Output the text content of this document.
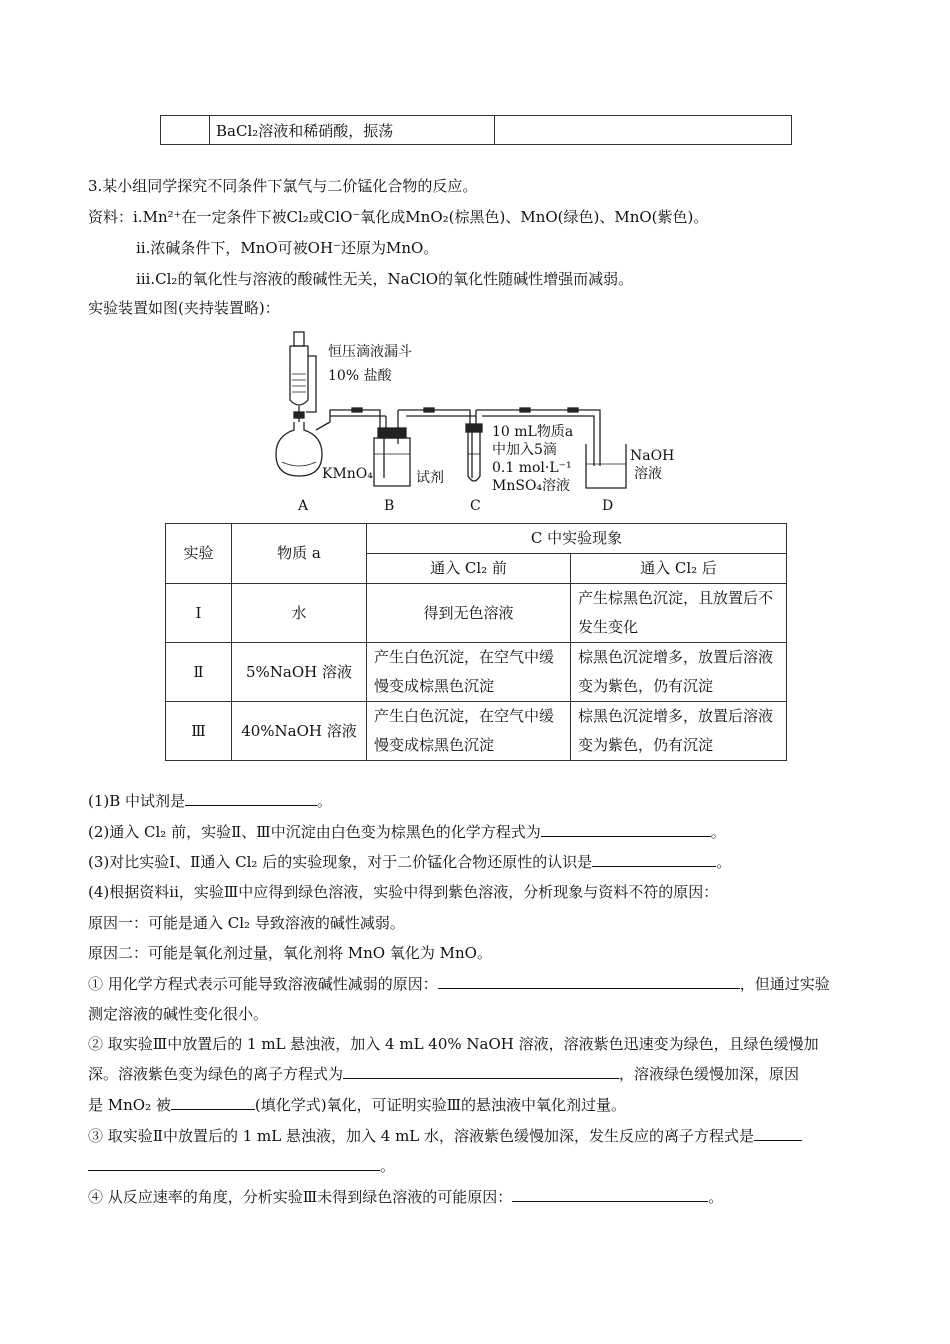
	BaCl₂溶液和稀硝酸，振荡	
3.某小组同学探究不同条件下氯气与二价锰化合物的反应。
资料：ⅰ.Mn²⁺在一定条件下被Cl₂或ClO⁻氧化成MnO₂(棕黑色)、MnO(绿色)、MnO(紫色)。
ⅱ.浓碱条件下，MnO可被OH⁻还原为MnO。
ⅲ.Cl₂的氧化性与溶液的酸碱性无关，NaClO的氧化性随碱性增强而减弱。
实验装置如图(夹持装置略)：
恒压滴液漏斗
10% 盐酸
KMnO₄	试剂
10 mL物质a
中加入5滴
0.1 mol·L⁻¹
MnSO₄溶液
NaOH
溶液
A	B	C	D
实验	物质 a	C 中实验现象	
		通入 Cl₂ 前	通入 Cl₂ 后
Ⅰ	水	得到无色溶液	产生棕黑色沉淀，且放置后不发生变化
Ⅱ	5%NaOH 溶液	产生白色沉淀，在空气中缓慢变成棕黑色沉淀	棕黑色沉淀增多，放置后溶液变为紫色，仍有沉淀
Ⅲ	40%NaOH 溶液	产生白色沉淀，在空气中缓慢变成棕黑色沉淀	棕黑色沉淀增多，放置后溶液变为紫色，仍有沉淀
(1)B 中试剂是	。
(2)通入 Cl₂ 前，实验Ⅱ、Ⅲ中沉淀由白色变为棕黑色的化学方程式为	。
(3)对比实验Ⅰ、Ⅱ通入 Cl₂ 后的实验现象，对于二价锰化合物还原性的认识是	。
(4)根据资料ⅱ，实验Ⅲ中应得到绿色溶液，实验中得到紫色溶液，分析现象与资料不符的原因：
原因一：可能是通入 Cl₂ 导致溶液的碱性减弱。
原因二：可能是氧化剂过量，氧化剂将 MnO 氧化为 MnO。
① 用化学方程式表示可能导致溶液碱性减弱的原因：	，但通过实验
测定溶液的碱性变化很小。
② 取实验Ⅲ中放置后的 1 mL 悬浊液，加入 4 mL 40% NaOH 溶液，溶液紫色迅速变为绿色，且绿色缓慢加
深。溶液紫色变为绿色的离子方程式为	，溶液绿色缓慢加深，原因
是 MnO₂ 被	(填化学式)氧化，可证明实验Ⅲ的悬浊液中氧化剂过量。
③ 取实验Ⅱ中放置后的 1 mL 悬浊液，加入 4 mL 水，溶液紫色缓慢加深，发生反应的离子方程式是
。
④ 从反应速率的角度，分析实验Ⅲ未得到绿色溶液的可能原因：	。
